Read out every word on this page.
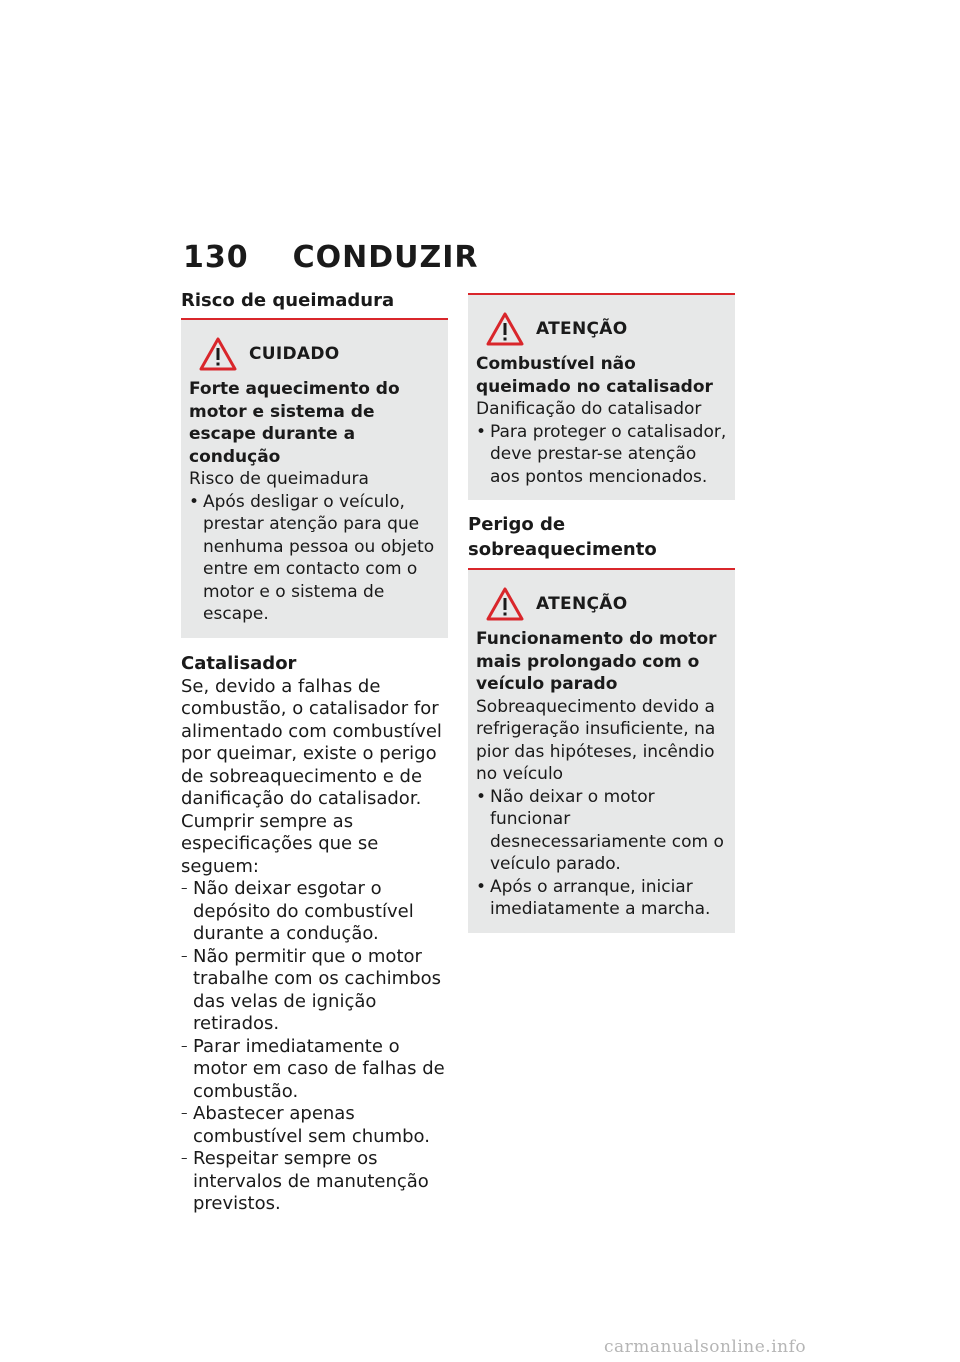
130 CONDUZIR
Risco de queimadura
CUIDADO
Forte aquecimento do motor e sistema de escape durante a condução
Risco de queimadura
• Após desligar o veículo, prestar atenção para que nenhuma pessoa ou objeto entre em contacto com o motor e o sistema de escape.
Catalisador
Se, devido a falhas de combustão, o catalisador for alimentado com combustível por queimar, existe o perigo de sobreaquecimento e de danificação do catalisador.
Cumprir sempre as especificações que se seguem:
– Não deixar esgotar o depósito do combustível durante a condução.
– Não permitir que o motor trabalhe com os cachimbos das velas de ignição retirados.
– Parar imediatamente o motor em caso de falhas de combustão.
– Abastecer apenas combustível sem chumbo.
– Respeitar sempre os intervalos de manutenção previstos.
ATENÇÃO
Combustível não queimado no catalisador
Danificação do catalisador
• Para proteger o catalisador, deve prestar-se atenção aos pontos mencionados.
Perigo de sobreaquecimento
ATENÇÃO
Funcionamento do motor mais prolongado com o veículo parado
Sobreaquecimento devido a refrigeração insuficiente, na pior das hipóteses, incêndio no veículo
• Não deixar o motor funcionar desnecessariamente com o veículo parado.
• Após o arranque, iniciar imediatamente a marcha.
carmanualsonline.info
